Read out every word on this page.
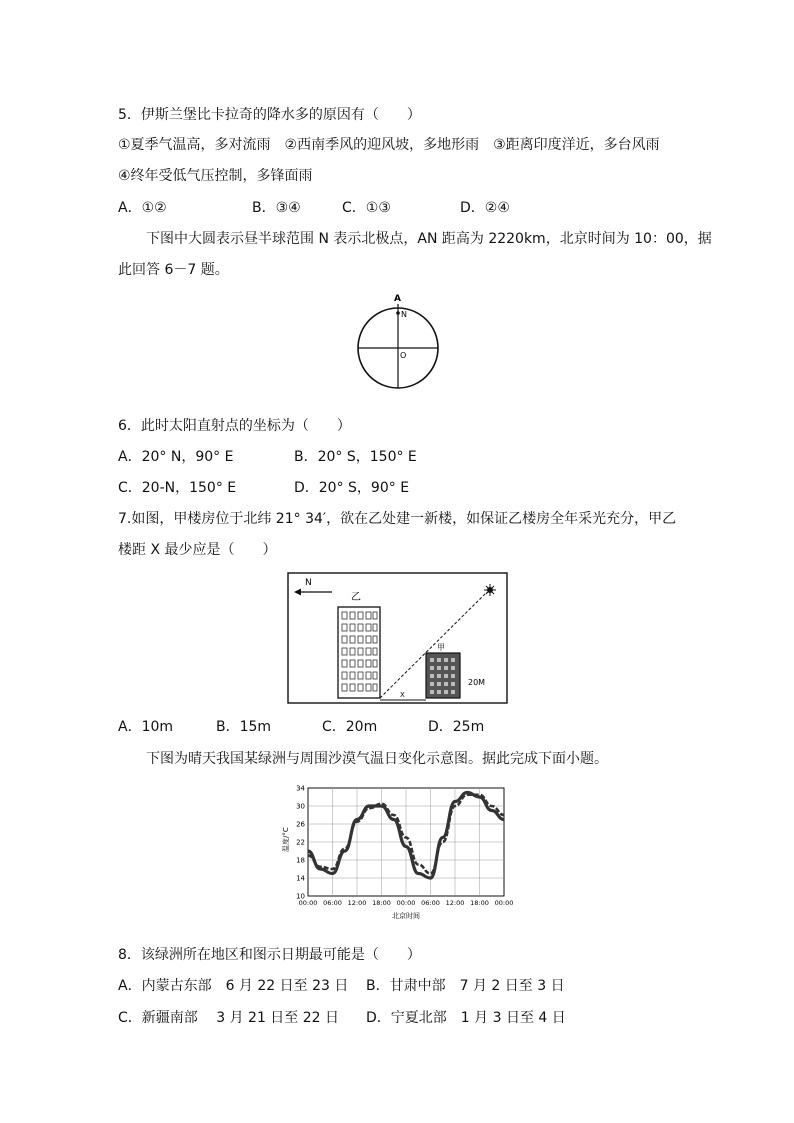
5．伊斯兰堡比卡拉奇的降水多的原因有（　　）
①夏季气温高，多对流雨　②西南季风的迎风坡，多地形雨　③距离印度洋近，多台风雨
④终年受低气压控制，多锋面雨
A．①②	B．③④	C．①③	D．②④
下图中大圆表示昼半球范围 N 表示北极点，AN 距高为 2220km，北京时间为 10：00，据
此回答 6－7 题。
A
N
O
6．此时太阳直射点的坐标为（　　）
A．20° N，90° E	B．20° S，150° E
C．20-N，150° E	D．20° S，90° E
7.如图，甲楼房位于北纬 21° 34′，欲在乙处建一新楼，如保证乙楼房全年采光充分，甲乙
楼距 X 最少应是（　　）
N
乙
甲
20M
X
A．10m	B．15m	C．20m	D．25m
下图为晴天我国某绿洲与周围沙漠气温日变化示意图。据此完成下面小题。
10
14
18
22
26
30
34
00:00 06:00 12:00 18:00 00:00 06:00 12:00 18:00 00:00
温度/°C
北京时间
8．该绿洲所在地区和图示日期最可能是（　　）
A．内蒙古东部　6 月 22 日至 23 日 B．甘肃中部　7 月 2 日至 3 日
C．新疆南部　 3 月 21 日至 22 日 D．宁夏北部　1 月 3 日至 4 日
